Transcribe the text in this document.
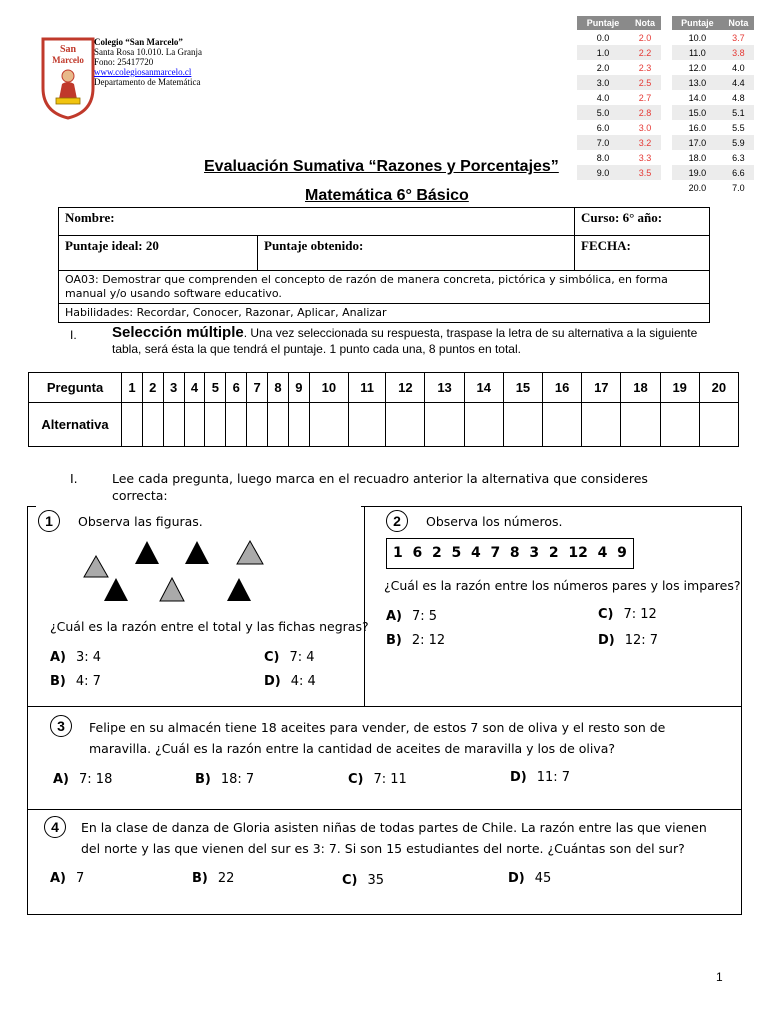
San
Marcelo
Colegio “San Marcelo”
Santa Rosa 10.010. La Granja
Fono: 25417720
www.colegiosanmarcelo.cl
Departamento de Matemática
Puntaje	Nota
0.0	2.0
1.0	2.2
2.0	2.3
3.0	2.5
4.0	2.7
5.0	2.8
6.0	3.0
7.0	3.2
8.0	3.3
9.0	3.5
Puntaje	Nota
10.0	3.7
11.0	3.8
12.0	4.0
13.0	4.4
14.0	4.8
15.0	5.1
16.0	5.5
17.0	5.9
18.0	6.3
19.0	6.6
20.0	7.0
Evaluación Sumativa “Razones y Porcentajes”
Matemática 6° Básico
Nombre:		Curso: 6° año:
Puntaje ideal: 20	Puntaje obtenido:	FECHA:
OA03: Demostrar que comprenden el concepto de razón de manera concreta, pictórica y simbólica, en forma manual y/o usando software educativo.		
Habilidades: Recordar, Conocer, Razonar, Aplicar, Analizar		
I. Selección múltiple. Una vez seleccionada su respuesta, traspase la letra de su alternativa a la siguiente tabla, será ésta la que tendrá el puntaje. 1 punto cada una, 8 puntos en total.
Pregunta	1	2	3	4	5	6	7	8	9	10	11	12	13	14	15	16	17	18	19	20
Alternativa																				
I.	Lee cada pregunta, luego marca en el recuadro anterior la alternativa que consideres correcta:
1	Observa las figuras.
¿Cuál es la razón entre el total y las fichas negras?
A) 3: 4
B) 4: 7
C) 7: 4
D) 4: 4
2	Observa los números.
1  6  2  5  4  7  8  3  2  12  4  9
¿Cuál es la razón entre los números pares y los impares?
A) 7: 5
B) 2: 12
C) 7: 12
D) 12: 7
3	Felipe en su almacén tiene 18 aceites para vender, de estos 7 son de oliva y el resto son de
maravilla. ¿Cuál es la razón entre la cantidad de aceites de maravilla y los de oliva?
A) 7: 18	B) 18: 7	C) 7: 11	D) 11: 7
4	En la clase de danza de Gloria asisten niñas de todas partes de Chile. La razón entre las que vienen
del norte y las que vienen del sur es 3: 7. Si son 15 estudiantes del norte. ¿Cuántas son del sur?
A) 7	B) 22	C) 35	D) 45
1
